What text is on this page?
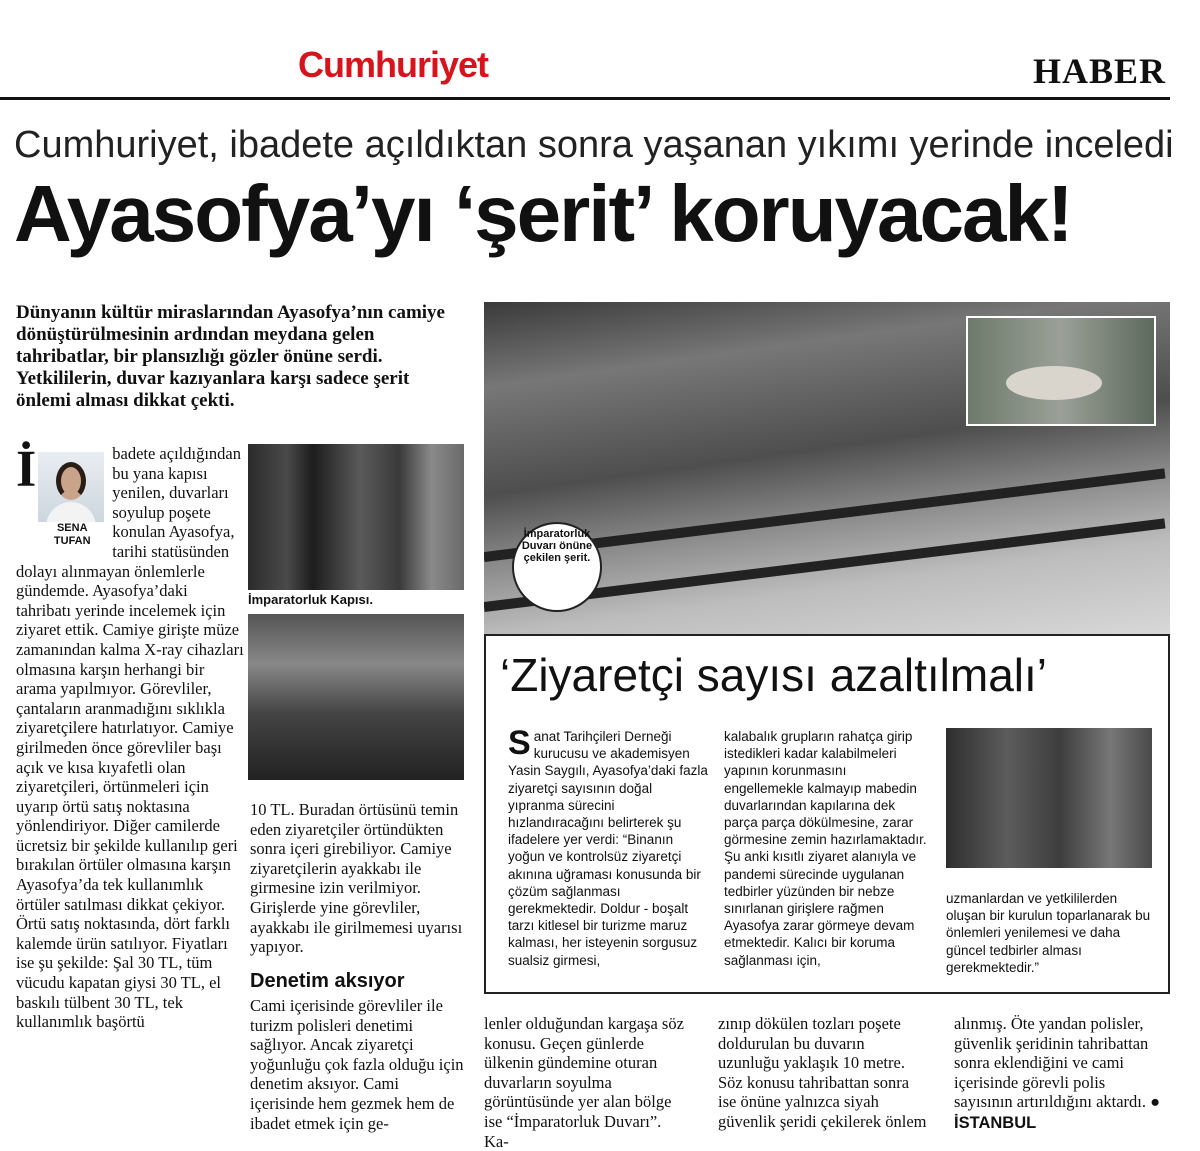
Cumhuriyet	HABER
Cumhuriyet, ibadete açıldıktan sonra yaşanan yıkımı yerinde inceledi
Ayasofya’yı ‘şerit’ koruyacak!
Dünyanın kültür miraslarından Ayasofya’nın camiye dönüştürülmesinin ardından meydana gelen tahribatlar, bir plansızlığı gözler önüne serdi. Yetkililerin, duvar kazıyanlara karşı sadece şerit önlemi alması dikkat çekti.
İ
SENA
TUFAN
badete açıldığından bu yana kapısı yenilen, duvarları soyulup poşete konulan Ayasofya, tarihi statüsünden dolayı alınmayan önlemlerle gündemde. Ayasofya’daki tahribatı yerinde incelemek için ziyaret ettik. Camiye girişte müze zamanından kalma X-ray cihazları olmasına karşın herhangi bir arama yapılmıyor. Görevliler, çantaların aranmadığını sıklıkla ziyaretçilere hatırlatıyor. Camiye girilmeden önce görevliler başı açık ve kısa kıyafetli olan ziyaretçileri, örtünmeleri için uyarıp örtü satış noktasına yönlendiriyor. Diğer camilerde ücretsiz bir şekilde kullanılıp geri bırakılan örtüler olmasına karşın Ayasofya’da tek kullanımlık örtüler satılması dikkat çekiyor. Örtü satış noktasında, dört farklı kalemde ürün satılıyor. Fiyatları ise şu şekilde: Şal 30 TL, tüm vücudu kapatan giysi 30 TL, el baskılı tülbent 30 TL, tek kullanımlık başörtü
İmparatorluk Kapısı.
10 TL. Buradan örtüsünü temin eden ziyaretçiler örtündükten sonra içeri girebiliyor. Camiye ziyaretçilerin ayakkabı ile girmesine izin verilmiyor. Girişlerde yine görevliler, ayakkabı ile girilmemesi uyarısı yapıyor.
Denetim aksıyor
Cami içerisinde görevliler ile turizm polisleri denetimi sağlıyor. Ancak ziyaretçi yoğunluğu çok fazla olduğu için denetim aksıyor. Cami içerisinde hem gezmek hem de ibadet etmek için ge-
İmparatorluk Duvarı önüne çekilen şerit.
‘Ziyaretçi sayısı azaltılmalı’
Sanat Tarihçileri Derneği kurucusu ve akademisyen Yasin Saygılı, Ayasofya’daki fazla ziyaretçi sayısının doğal yıpranma sürecini hızlandıracağını belirterek şu ifadelere yer verdi: “Binanın yoğun ve kontrolsüz ziyaretçi akınına uğraması konusunda bir çözüm sağlanması gerekmektedir. Doldur - boşalt tarzı kitlesel bir turizme maruz kalması, her isteyenin sorgusuz sualsiz girmesi,
kalabalık grupların rahatça girip istedikleri kadar kalabilmeleri yapının korunmasını engellemekle kalmayıp mabedin duvarlarından kapılarına dek parça parça dökülmesine, zarar görmesine zemin hazırlamaktadır. Şu anki kısıtlı ziyaret alanıyla ve pandemi sürecinde uygulanan tedbirler yüzünden bir nebze sınırlanan girişlere rağmen Ayasofya zarar görmeye devam etmektedir. Kalıcı bir koruma sağlanması için,
uzmanlardan ve yetkililerden oluşan bir kurulun toparlanarak bu önlemleri yenilemesi ve daha güncel tedbirler alması gerekmektedir.”
lenler olduğundan kargaşa söz konusu. Geçen günlerde ülkenin gündemine oturan duvarların soyulma görüntüsünde yer alan bölge ise “İmparatorluk Duvarı”. Ka-
zınıp dökülen tozları poşete doldurulan bu duvarın uzunluğu yaklaşık 10 metre. Söz konusu tahribattan sonra ise önüne yalnızca siyah güvenlik şeridi çekilerek önlem
alınmış. Öte yandan polisler, güvenlik şeridinin tahribattan sonra eklendiğini ve cami içerisinde görevli polis sayısının artırıldığını aktardı. ● İSTANBUL
